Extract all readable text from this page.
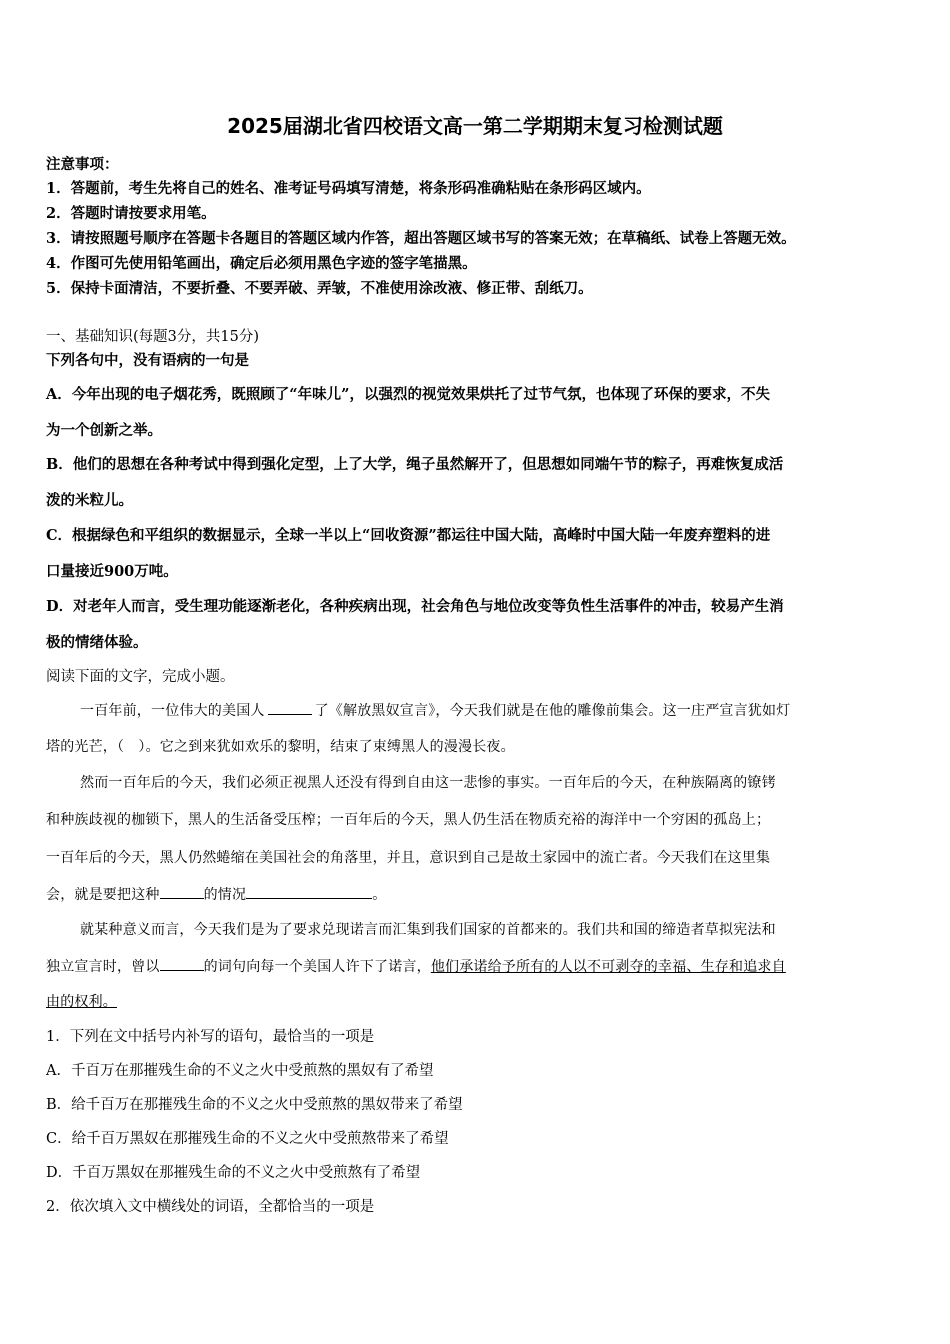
2025届湖北省四校语文高一第二学期期末复习检测试题
注意事项：
1．答题前，考生先将自己的姓名、准考证号码填写清楚，将条形码准确粘贴在条形码区域内。
2．答题时请按要求用笔。
3．请按照题号顺序在答题卡各题目的答题区域内作答，超出答题区域书写的答案无效；在草稿纸、试卷上答题无效。
4．作图可先使用铅笔画出，确定后必须用黑色字迹的签字笔描黑。
5．保持卡面清洁，不要折叠、不要弄破、弄皱，不准使用涂改液、修正带、刮纸刀。
一、基础知识(每题3分，共15分)
下列各句中，没有语病的一句是
A．今年出现的电子烟花秀，既照顾了“年味儿”，以强烈的视觉效果烘托了过节气氛，也体现了环保的要求，不失
为一个创新之举。
B．他们的思想在各种考试中得到强化定型，上了大学，绳子虽然解开了，但思想如同端午节的粽子，再难恢复成活
泼的米粒儿。
C．根据绿色和平组织的数据显示，全球一半以上“回收资源”都运往中国大陆，高峰时中国大陆一年废弃塑料的进
口量接近900万吨。
D．对老年人而言，受生理功能逐渐老化，各种疾病出现，社会角色与地位改变等负性生活事件的冲击，较易产生消
极的情绪体验。
阅读下面的文字，完成小题。
一百年前，一位伟大的美国人	了《解放黑奴宣言》，今天我们就是在他的雕像前集会。这一庄严宣言犹如灯
塔的光芒，（　）。它之到来犹如欢乐的黎明，结束了束缚黑人的漫漫长夜。
然而一百年后的今天，我们必须正视黑人还没有得到自由这一悲惨的事实。一百年后的今天，在种族隔离的镣铐
和种族歧视的枷锁下，黑人的生活备受压榨；一百年后的今天，黑人仍生活在物质充裕的海洋中一个穷困的孤岛上；
一百年后的今天，黑人仍然蜷缩在美国社会的角落里，并且，意识到自己是故土家园中的流亡者。今天我们在这里集
会，就是要把这种	的情况	。
就某种意义而言，今天我们是为了要求兑现诺言而汇集到我们国家的首都来的。我们共和国的缔造者草拟宪法和
独立宣言时，曾以	的词句向每一个美国人许下了诺言，他们承诺给予所有的人以不可剥夺的幸福、生存和追求自
由的权利。
1．下列在文中括号内补写的语句，最恰当的一项是
A．千百万在那摧残生命的不义之火中受煎熬的黑奴有了希望
B．给千百万在那摧残生命的不义之火中受煎熬的黑奴带来了希望
C．给千百万黑奴在那摧残生命的不义之火中受煎熬带来了希望
D．千百万黑奴在那摧残生命的不义之火中受煎熬有了希望
2．依次填入文中横线处的词语，全都恰当的一项是
